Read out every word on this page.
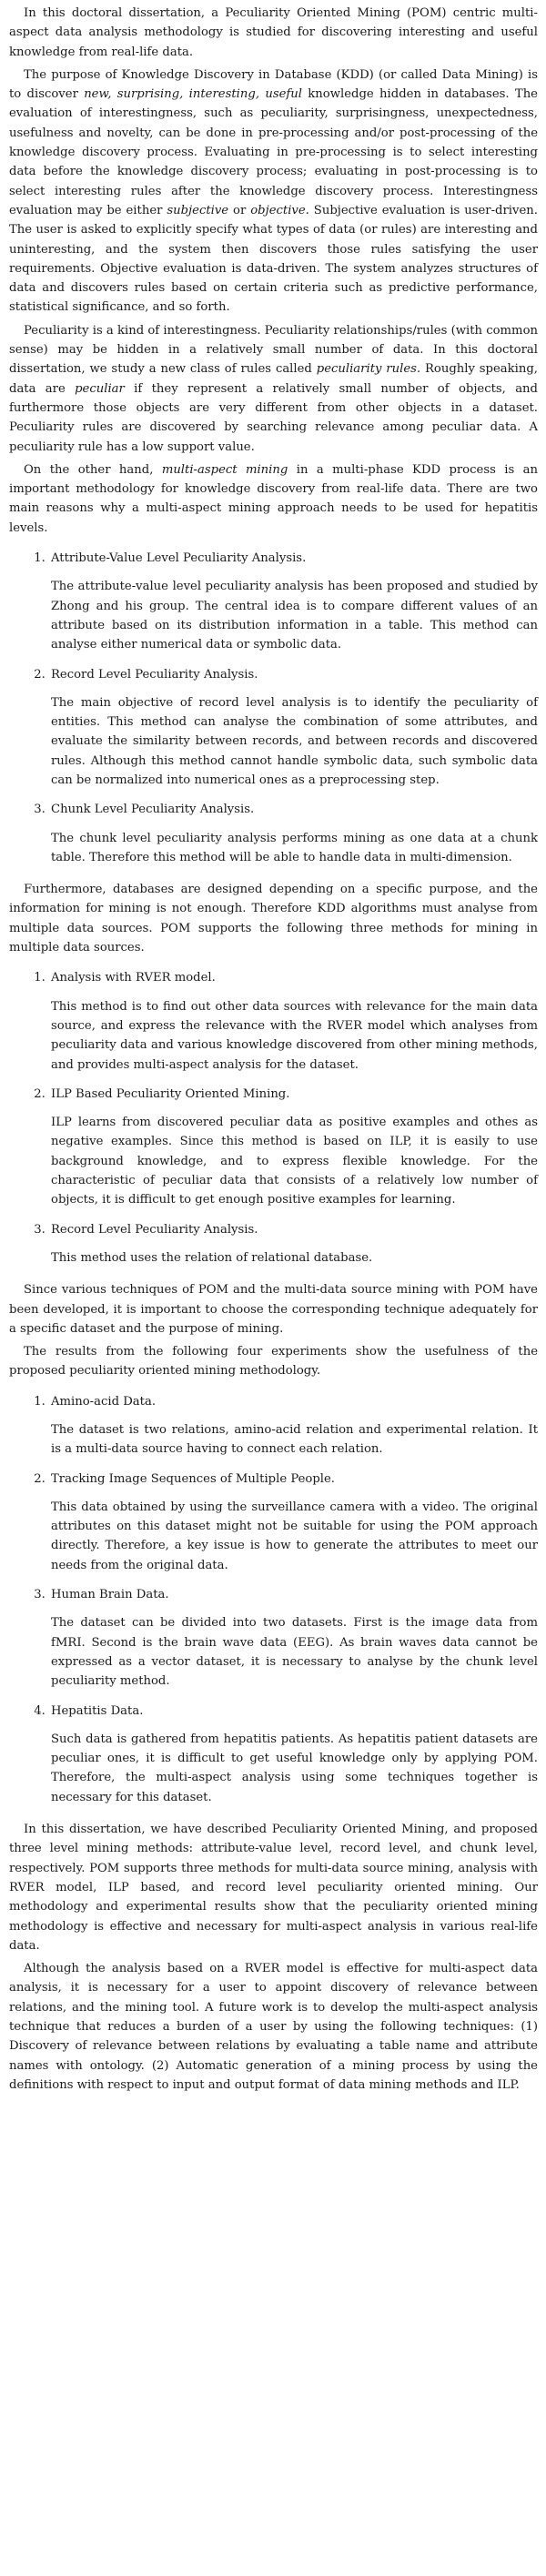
In this doctoral dissertation, a Peculiarity Oriented Mining (POM) centric multi-aspect data analysis methodology is studied for discovering interesting and useful knowledge from real-life data.

The purpose of Knowledge Discovery in Database (KDD) (or called Data Mining) is to discover new, surprising, interesting, useful knowledge hidden in databases. The evaluation of interestingness, such as peculiarity, surprisingness, unexpectedness, usefulness and novelty, can be done in pre-processing and/or post-processing of the knowledge discovery process. Evaluating in pre-processing is to select interesting data before the knowledge discovery process; evaluating in post-processing is to select interesting rules after the knowledge discovery process. Interestingness evaluation may be either subjective or objective. Subjective evaluation is user-driven. The user is asked to explicitly specify what types of data (or rules) are interesting and uninteresting, and the system then discovers those rules satisfying the user requirements. Objective evaluation is data-driven. The system analyzes structures of data and discovers rules based on certain criteria such as predictive performance, statistical significance, and so forth.

Peculiarity is a kind of interestingness. Peculiarity relationships/rules (with common sense) may be hidden in a relatively small number of data. In this doctoral dissertation, we study a new class of rules called peculiarity rules. Roughly speaking, data are peculiar if they represent a relatively small number of objects, and furthermore those objects are very different from other objects in a dataset. Peculiarity rules are discovered by searching relevance among peculiar data. A peculiarity rule has a low support value.

On the other hand, multi-aspect mining in a multi-phase KDD process is an important methodology for knowledge discovery from real-life data. There are two main reasons why a multi-aspect mining approach needs to be used for hepatitis levels.

1. Attribute-Value Level Peculiarity Analysis.
The attribute-value level peculiarity analysis has been proposed and studied by Zhong and his group. The central idea is to compare different values of an attribute based on its distribution information in a table. This method can analyse either numerical data or symbolic data.
2. Record Level Peculiarity Analysis.
The main objective of record level analysis is to identify the peculiarity of entities. This method can analyse the combination of some attributes, and evaluate the similarity between records, and between records and discovered rules. Although this method cannot handle symbolic data, such symbolic data can be normalized into numerical ones as a preprocessing step.
3. Chunk Level Peculiarity Analysis.
The chunk level peculiarity analysis performs mining as one data at a chunk table. Therefore this method will be able to handle data in multi-dimension.

Furthermore, databases are designed depending on a specific purpose, and the information for mining is not enough. Therefore KDD algorithms must analyse from multiple data sources. POM supports the following three methods for mining in multiple data sources.

1. Analysis with RVER model.
This method is to find out other data sources with relevance for the main data source, and express the relevance with the RVER model which analyses from peculiarity data and various knowledge discovered from other mining methods, and provides multi-aspect analysis for the dataset.
2. ILP Based Peculiarity Oriented Mining.
ILP learns from discovered peculiar data as positive examples and othes as negative examples. Since this method is based on ILP, it is easily to use background knowledge, and to express flexible knowledge. For the characteristic of peculiar data that consists of a relatively low number of objects, it is difficult to get enough positive examples for learning.
3. Record Level Peculiarity Analysis.
This method uses the relation of relational database.

Since various techniques of POM and the multi-data source mining with POM have been developed, it is important to choose the corresponding technique adequately for a specific dataset and the purpose of mining.

The results from the following four experiments show the usefulness of the proposed peculiarity oriented mining methodology.

1. Amino-acid Data.
The dataset is two relations, amino-acid relation and experimental relation. It is a multi-data source having to connect each relation.
2. Tracking Image Sequences of Multiple People.
This data obtained by using the surveillance camera with a video. The original attributes on this dataset might not be suitable for using the POM approach directly. Therefore, a key issue is how to generate the attributes to meet our needs from the original data.
3. Human Brain Data.
The dataset can be divided into two datasets. First is the image data from fMRI. Second is the brain wave data (EEG). As brain waves data cannot be expressed as a vector dataset, it is necessary to analyse by the chunk level peculiarity method.
4. Hepatitis Data.
Such data is gathered from hepatitis patients. As hepatitis patient datasets are peculiar ones, it is difficult to get useful knowledge only by applying POM. Therefore, the multi-aspect analysis using some techniques together is necessary for this dataset.

In this dissertation, we have described Peculiarity Oriented Mining, and proposed three level mining methods: attribute-value level, record level, and chunk level, respectively. POM supports three methods for multi-data source mining, analysis with RVER model, ILP based, and record level peculiarity oriented mining. Our methodology and experimental results show that the peculiarity oriented mining methodology is effective and necessary for multi-aspect analysis in various real-life data.

Although the analysis based on a RVER model is effective for multi-aspect data analysis, it is necessary for a user to appoint discovery of relevance between relations, and the mining tool. A future work is to develop the multi-aspect analysis technique that reduces a burden of a user by using the following techniques: (1) Discovery of relevance between relations by evaluating a table name and attribute names with ontology. (2) Automatic generation of a mining process by using the definitions with respect to input and output format of data mining methods and ILP.
